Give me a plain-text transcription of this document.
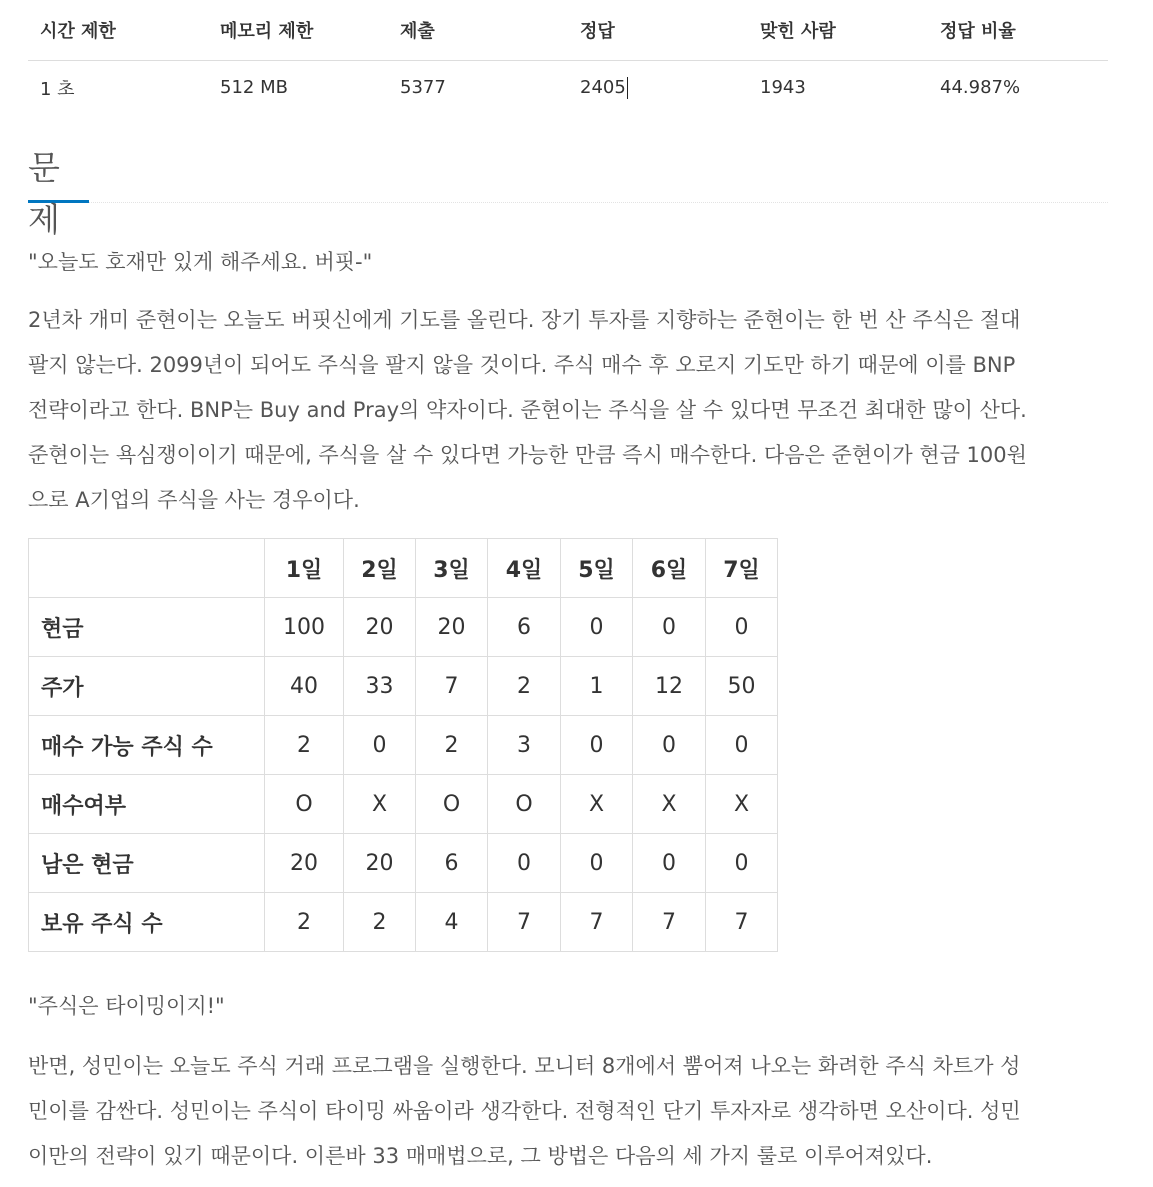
시간 제한	메모리 제한	제출	정답	맞힌 사람	정답 비율
1 초	512 MB	5377	2405	1943	44.987%
문제

"오늘도 호재만 있게 해주세요. 버핏-"

2년차 개미 준현이는 오늘도 버핏신에게 기도를 올린다. 장기 투자를 지향하는 준현이는 한 번 산 주식은 절대
팔지 않는다. 2099년이 되어도 주식을 팔지 않을 것이다. 주식 매수 후 오로지 기도만 하기 때문에 이를 BNP
전략이라고 한다. BNP는 Buy and Pray의 약자이다. 준현이는 주식을 살 수 있다면 무조건 최대한 많이 산다.
준현이는 욕심쟁이이기 때문에, 주식을 살 수 있다면 가능한 만큼 즉시 매수한다. 다음은 준현이가 현금 100원
으로 A기업의 주식을 사는 경우이다.

	1일	2일	3일	4일	5일	6일	7일
현금	100	20	20	6	0	0	0
주가	40	33	7	2	1	12	50
매수 가능 주식 수	2	0	2	3	0	0	0
매수여부	O	X	O	O	X	X	X
남은 현금	20	20	6	0	0	0	0
보유 주식 수	2	2	4	7	7	7	7

"주식은 타이밍이지!"

반면, 성민이는 오늘도 주식 거래 프로그램을 실행한다. 모니터 8개에서 뿜어져 나오는 화려한 주식 차트가 성
민이를 감싼다. 성민이는 주식이 타이밍 싸움이라 생각한다. 전형적인 단기 투자자로 생각하면 오산이다. 성민
이만의 전략이 있기 때문이다. 이른바 33 매매법으로, 그 방법은 다음의 세 가지 룰로 이루어져있다.
